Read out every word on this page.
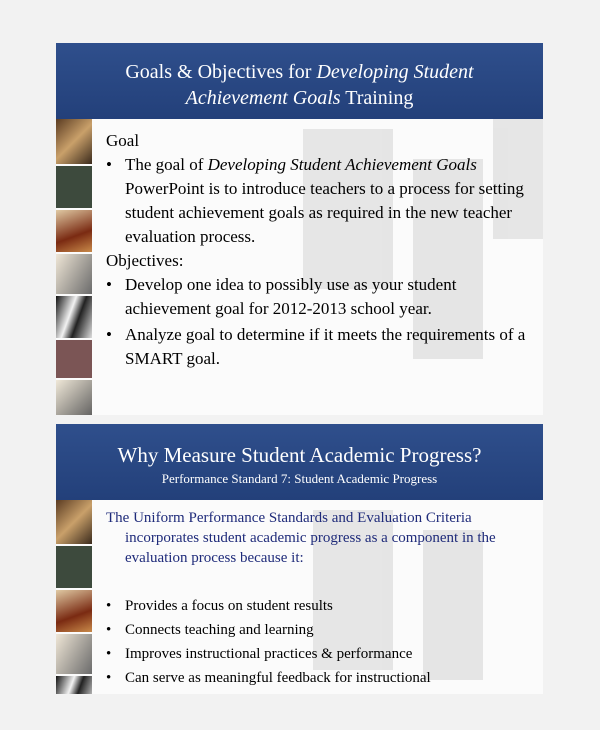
Goals & Objectives for Developing Student
Achievement Goals Training

Goal

• The goal of Developing Student Achievement Goals PowerPoint is to introduce teachers to a process for setting student achievement goals as required in the new teacher evaluation process.

Objectives:

• Develop one idea to possibly use as your student achievement goal for 2012-2013 school year.

• Analyze goal to determine if it meets the requirements of a SMART goal.

Why Measure Student Academic Progress?
Performance Standard 7: Student Academic Progress

The Uniform Performance Standards and Evaluation Criteria

incorporates student academic progress as a component in the evaluation process because it:

• Provides a focus on student results

• Connects teaching and learning

• Improves instructional practices & performance

• Can serve as meaningful feedback for instructional
